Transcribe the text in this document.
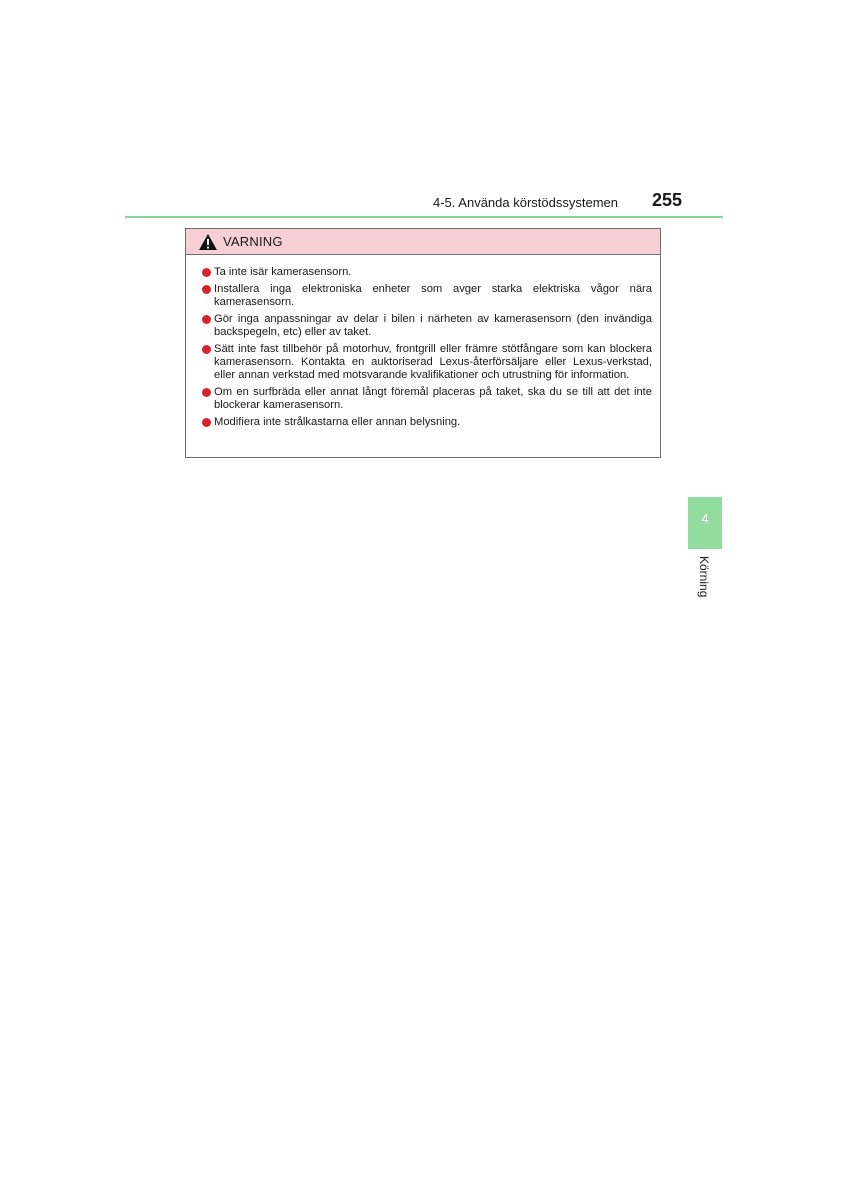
4-5. Använda körstödssystemen 255
VARNING
Ta inte isär kamerasensorn.
Installera inga elektroniska enheter som avger starka elektriska vågor nära kamerasensorn.
Gör inga anpassningar av delar i bilen i närheten av kamerasensorn (den invändiga backspegeln, etc) eller av taket.
Sätt inte fast tillbehör på motorhuv, frontgrill eller främre stötfångare som kan blockera kamerasensorn. Kontakta en auktoriserad Lexus-återförsäljare eller Lexus-verkstad, eller annan verkstad med motsvarande kvalifikationer och utrustning för information.
Om en surfbräda eller annat långt föremål placeras på taket, ska du se till att det inte blockerar kamerasensorn.
Modifiera inte strålkastarna eller annan belysning.
4
Körning
